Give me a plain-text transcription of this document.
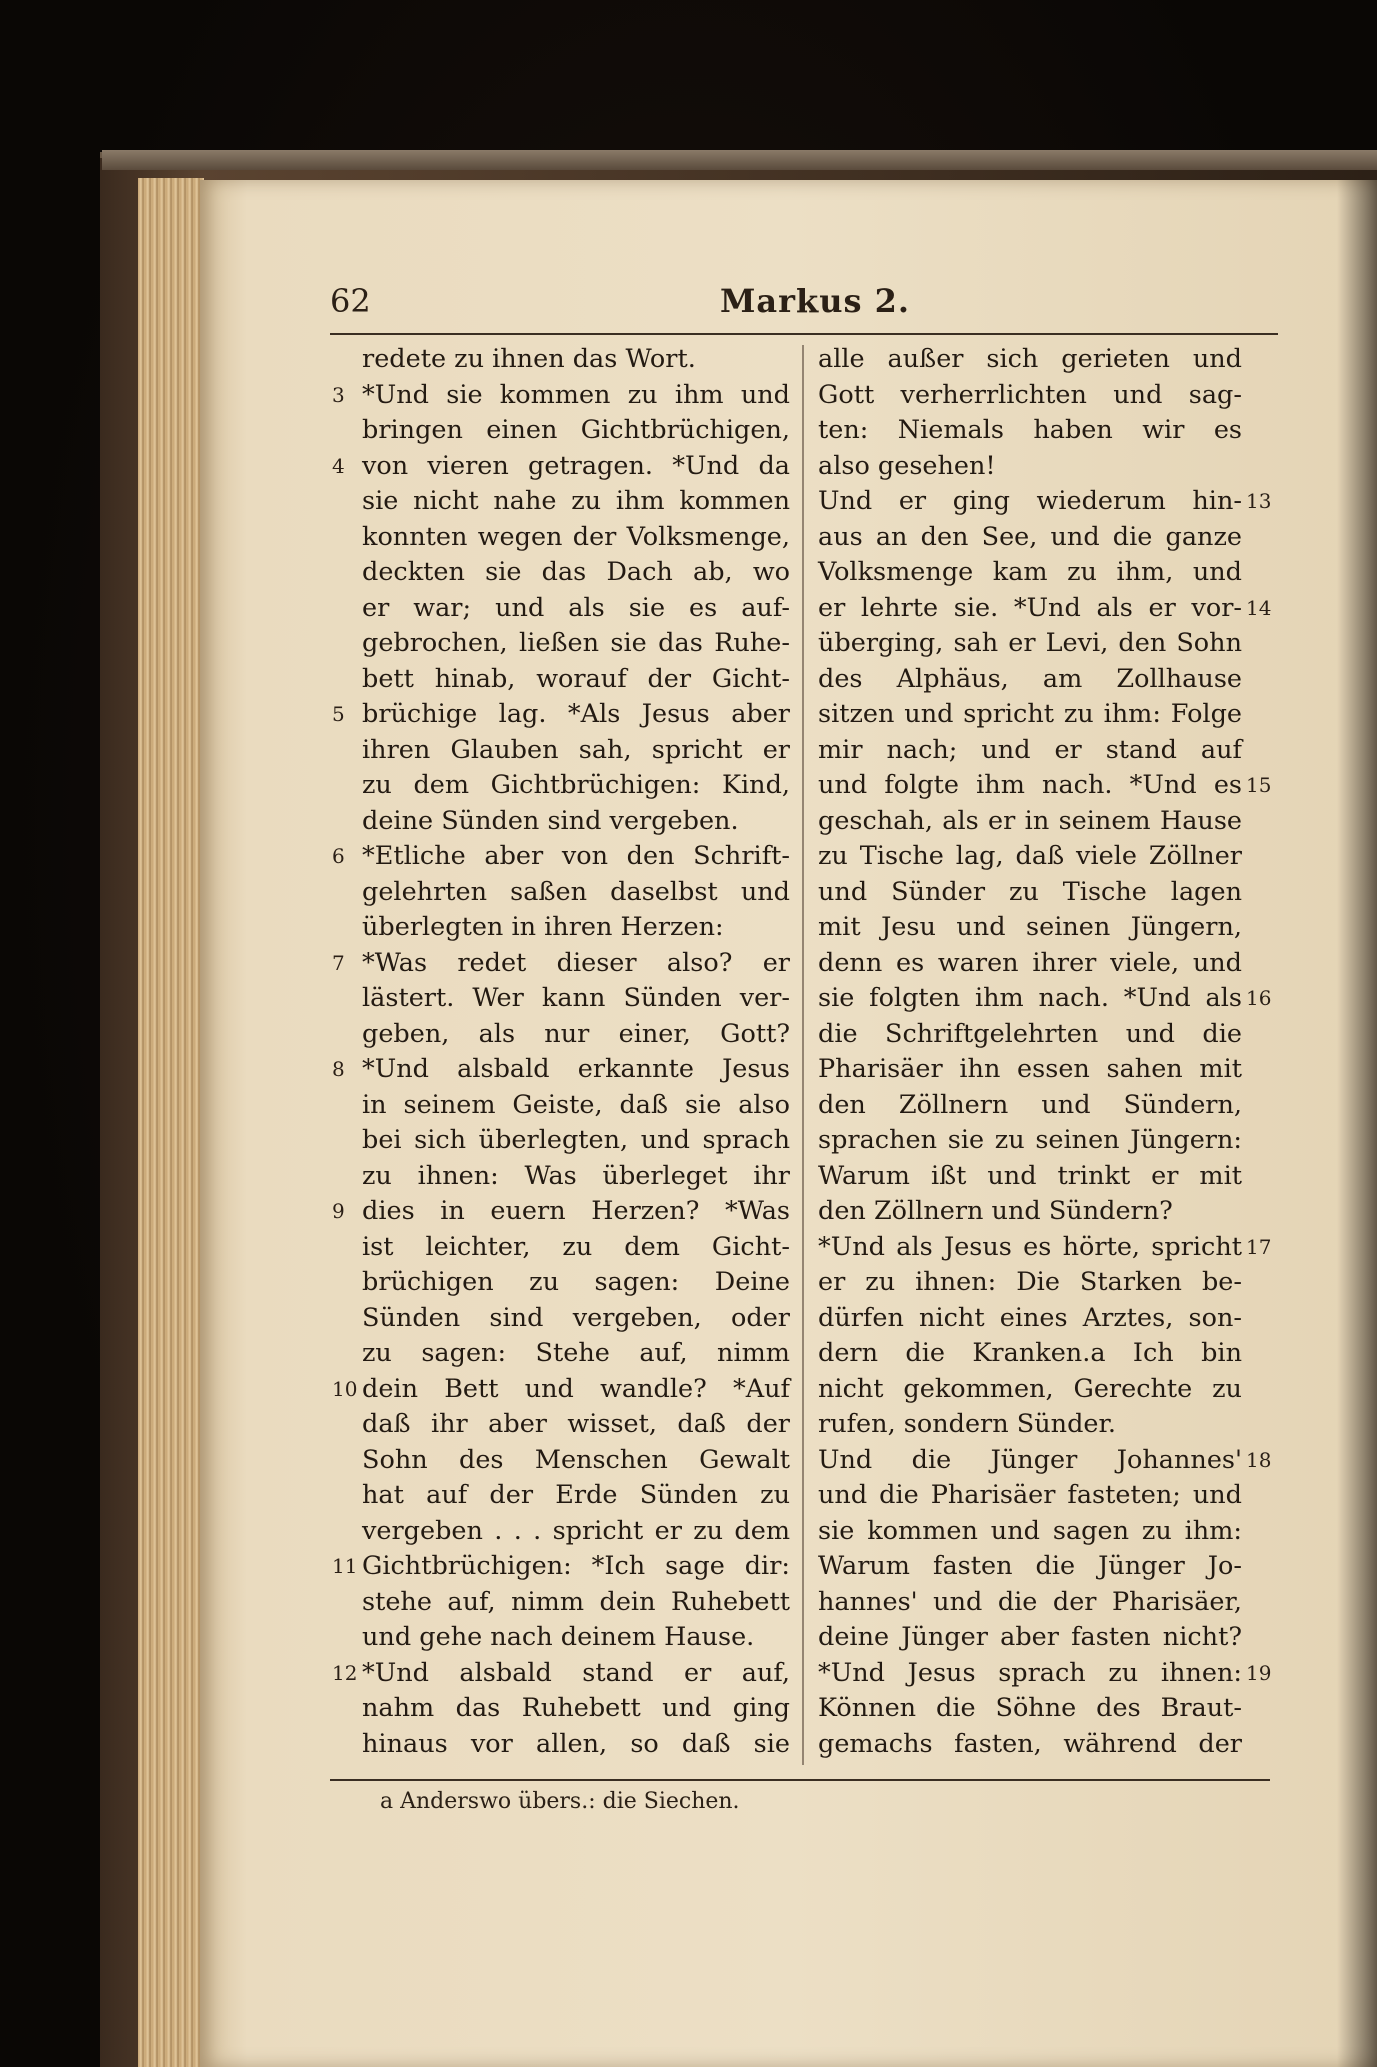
62	Markus 2.
redete zu ihnen das Wort.
*Und sie kommen zu ihm und
3
bringen einen Gichtbrüchigen,
von vieren getragen. *Und da
4
sie nicht nahe zu ihm kommen
konnten wegen der Volksmenge,
deckten sie das Dach ab, wo
er war; und als sie es auf-
gebrochen, ließen sie das Ruhe-
bett hinab, worauf der Gicht-
brüchige lag. *Als Jesus aber
5
ihren Glauben sah, spricht er
zu dem Gichtbrüchigen: Kind,
deine Sünden sind vergeben.
*Etliche aber von den Schrift-
6
gelehrten saßen daselbst und
überlegten in ihren Herzen:
*Was redet dieser also? er
7
lästert. Wer kann Sünden ver-
geben, als nur einer, Gott?
*Und alsbald erkannte Jesus
8
in seinem Geiste, daß sie also
bei sich überlegten, und sprach
zu ihnen: Was überleget ihr
dies in euern Herzen? *Was
9
ist leichter, zu dem Gicht-
brüchigen zu sagen: Deine
Sünden sind vergeben, oder
zu sagen: Stehe auf, nimm
dein Bett und wandle? *Auf
10
daß ihr aber wisset, daß der
Sohn des Menschen Gewalt
hat auf der Erde Sünden zu
vergeben . . . spricht er zu dem
Gichtbrüchigen: *Ich sage dir:
11
stehe auf, nimm dein Ruhebett
und gehe nach deinem Hause.
*Und alsbald stand er auf,
12
nahm das Ruhebett und ging
hinaus vor allen, so daß sie
alle außer sich gerieten und
Gott verherrlichten und sag-
ten: Niemals haben wir es
also gesehen!
Und er ging wiederum hin- 13
aus an den See, und die ganze
Volksmenge kam zu ihm, und
er lehrte sie. *Und als er vor- 14
überging, sah er Levi, den Sohn
des Alphäus, am Zollhause
sitzen und spricht zu ihm: Folge
mir nach; und er stand auf
und folgte ihm nach. *Und es 15
geschah, als er in seinem Hause
zu Tische lag, daß viele Zöllner
und Sünder zu Tische lagen
mit Jesu und seinen Jüngern,
denn es waren ihrer viele, und
sie folgten ihm nach. *Und als 16
die Schriftgelehrten und die
Pharisäer ihn essen sahen mit
den Zöllnern und Sündern,
sprachen sie zu seinen Jüngern:
Warum ißt und trinkt er mit
den Zöllnern und Sündern?
*Und als Jesus es hörte, spricht 17
er zu ihnen: Die Starken be-
dürfen nicht eines Arztes, son-
dern die Kranken.a Ich bin
nicht gekommen, Gerechte zu
rufen, sondern Sünder.
Und die Jünger Johannes' 18
und die Pharisäer fasteten; und
sie kommen und sagen zu ihm:
Warum fasten die Jünger Jo-
hannes' und die der Pharisäer,
deine Jünger aber fasten nicht?
*Und Jesus sprach zu ihnen: 19
Können die Söhne des Braut-
gemachs fasten, während der
a Anderswo übers.: die Siechen.
